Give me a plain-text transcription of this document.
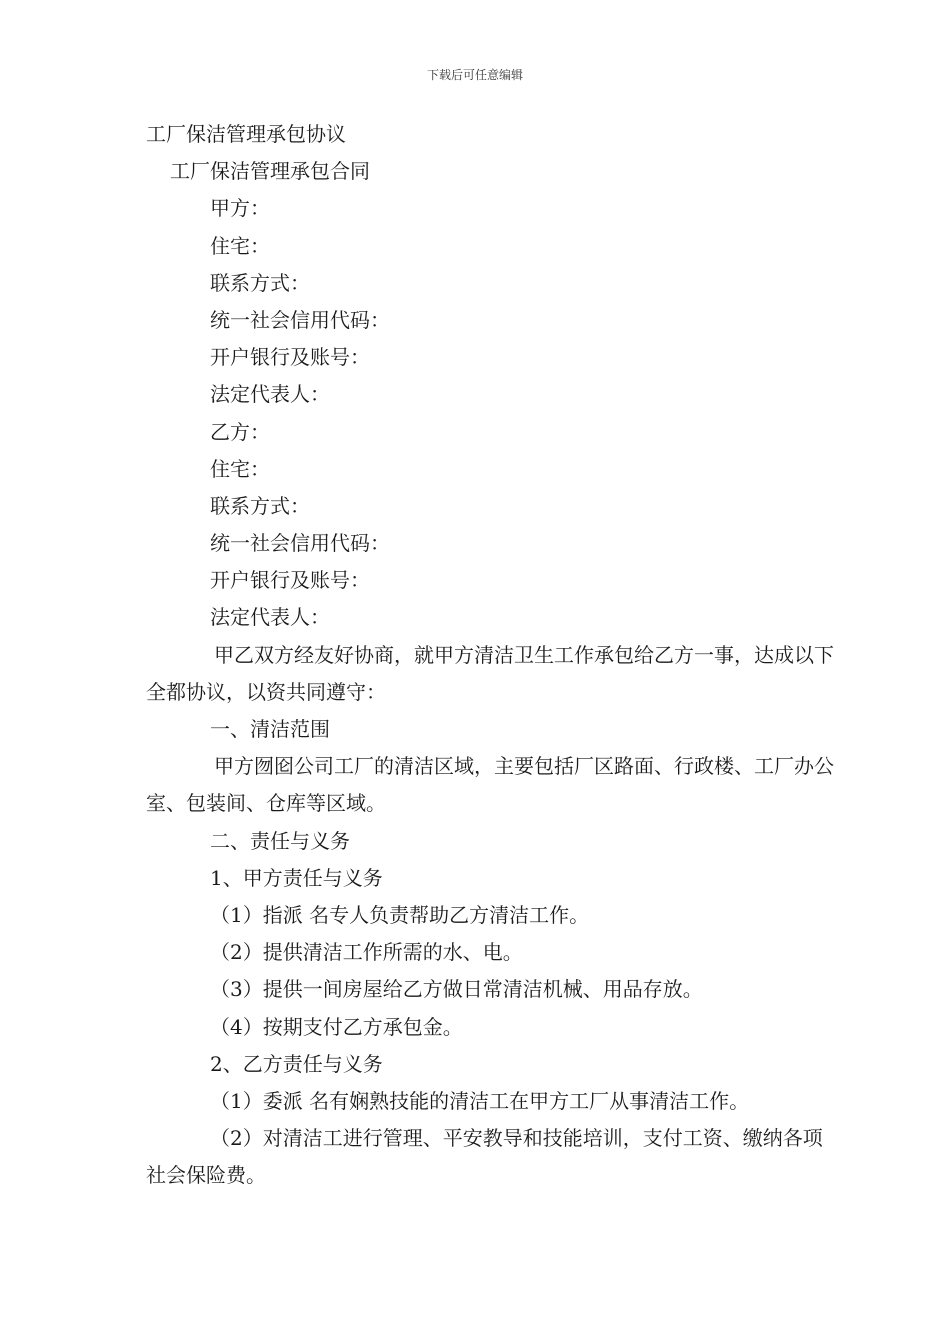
下载后可任意编辑
工厂保洁管理承包协议
工厂保洁管理承包合同
甲方：
住宅：
联系方式：
统一社会信用代码：
开户银行及账号：
法定代表人：
乙方：
住宅：
联系方式：
统一社会信用代码：
开户银行及账号：
法定代表人：
甲乙双方经友好协商，就甲方清洁卫生工作承包给乙方一事，达成以下全都协议，以资共同遵守：
一、清洁范围
甲方囫囵公司工厂的清洁区域，主要包括厂区路面、行政楼、工厂办公室、包装间、仓库等区域。
二、责任与义务
1、甲方责任与义务
（1）指派 名专人负责帮助乙方清洁工作。
（2）提供清洁工作所需的水、电。
（3）提供一间房屋给乙方做日常清洁机械、用品存放。
（4）按期支付乙方承包金。
2、乙方责任与义务
（1）委派 名有娴熟技能的清洁工在甲方工厂从事清洁工作。
（2）对清洁工进行管理、平安教导和技能培训，支付工资、缴纳各项社会保险费。
